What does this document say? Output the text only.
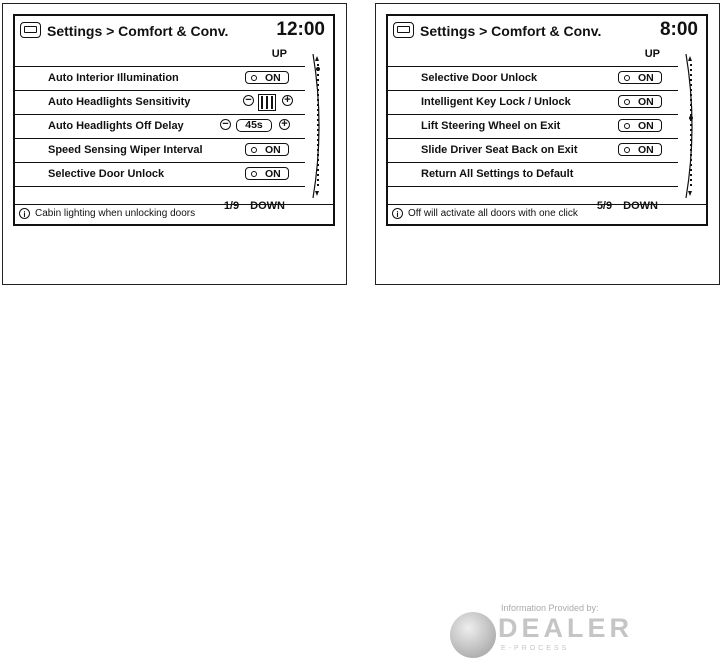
Settings > Comfort & Conv.	12:00
UP
Auto Interior Illumination	ON
Auto Headlights Sensitivity	−	+
Auto Headlights Off Delay	−	45s	+
Speed Sensing Wiper Interval	ON
Selective Door Unlock	ON
1/9 DOWN
i Cabin lighting when unlocking doors
Settings > Comfort & Conv.	8:00
UP
Selective Door Unlock	ON
Intelligent Key Lock / Unlock	ON
Lift Steering Wheel on Exit	ON
Slide Driver Seat Back on Exit	ON
Return All Settings to Default
5/9 DOWN
i Off will activate all doors with one click
Information Provided by:
DEALER
E-PROCESS
